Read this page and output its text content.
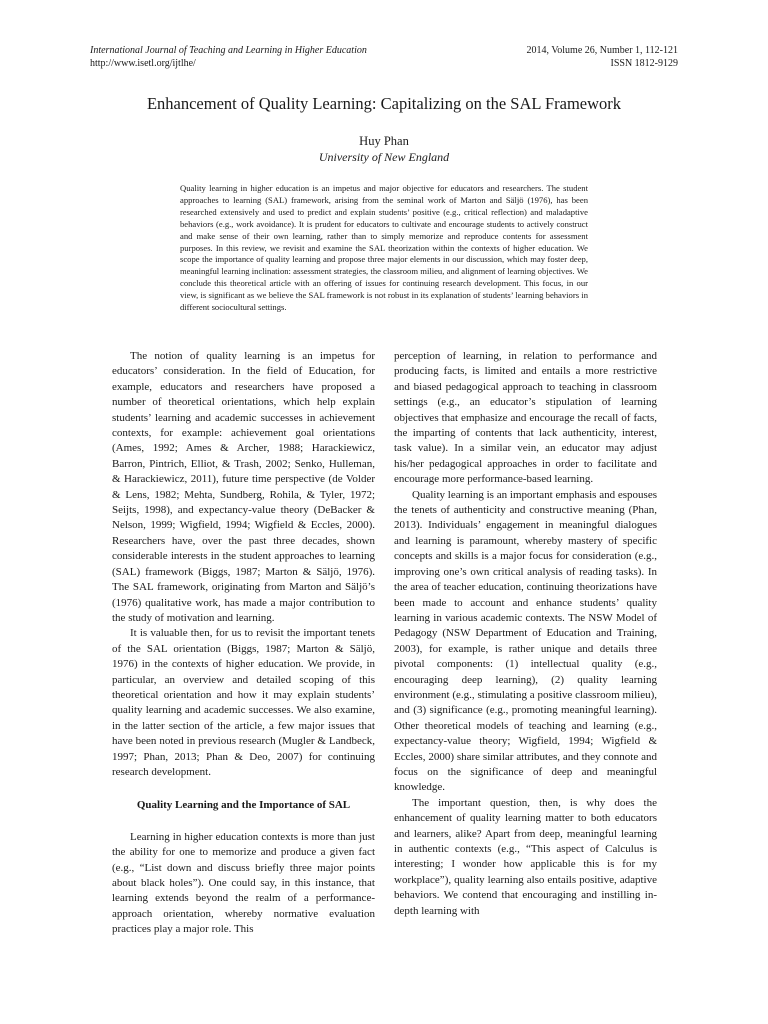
International Journal of Teaching and Learning in Higher Education
http://www.isetl.org/ijtlhe/
2014, Volume 26, Number 1, 112-121
ISSN 1812-9129
Enhancement of Quality Learning: Capitalizing on the SAL Framework
Huy Phan
University of New England
Quality learning in higher education is an impetus and major objective for educators and researchers. The student approaches to learning (SAL) framework, arising from the seminal work of Marton and Säljö (1976), has been researched extensively and used to predict and explain students’ positive (e.g., critical reflection) and maladaptive behaviors (e.g., work avoidance). It is prudent for educators to cultivate and encourage students to actively construct and make sense of their own learning, rather than to simply memorize and reproduce contents for assessment purposes. In this review, we revisit and examine the SAL theorization within the contexts of higher education. We scope the importance of quality learning and propose three major elements in our discussion, which may foster deep, meaningful learning inclination: assessment strategies, the classroom milieu, and alignment of learning objectives. We conclude this theoretical article with an offering of issues for continuing research development. This focus, in our view, is significant as we believe the SAL framework is not robust in its explanation of students’ learning behaviors in different sociocultural settings.

The notion of quality learning is an impetus for educators’ consideration. In the field of Education, for example, educators and researchers have proposed a number of theoretical orientations, which help explain students’ learning and academic successes in achievement contexts, for example: achievement goal orientations (Ames, 1992; Ames & Archer, 1988; Harackiewicz, Barron, Pintrich, Elliot, & Trash, 2002; Senko, Hulleman, & Harackiewicz, 2011), future time perspective (de Volder & Lens, 1982; Mehta, Sundberg, Rohila, & Tyler, 1972; Seijts, 1998), and expectancy-value theory (DeBacker & Nelson, 1999; Wigfield, 1994; Wigfield & Eccles, 2000). Researchers have, over the past three decades, shown considerable interests in the student approaches to learning (SAL) framework (Biggs, 1987; Marton & Säljö, 1976). The SAL framework, originating from Marton and Säljö’s (1976) qualitative work, has made a major contribution to the study of motivation and learning.

It is valuable then, for us to revisit the important tenets of the SAL orientation (Biggs, 1987; Marton & Säljö, 1976) in the contexts of higher education. We provide, in particular, an overview and detailed scoping of this theoretical orientation and how it may explain students’ quality learning and academic successes. We also examine, in the latter section of the article, a few major issues that have been noted in previous research (Mugler & Landbeck, 1997; Phan, 2013; Phan & Deo, 2007) for continuing research development.

Quality Learning and the Importance of SAL

Learning in higher education contexts is more than just the ability for one to memorize and produce a given fact (e.g., “List down and discuss briefly three major points about black holes”). One could say, in this instance, that learning extends beyond the realm of a performance-approach orientation, whereby normative evaluation practices play a major role. This

perception of learning, in relation to performance and producing facts, is limited and entails a more restrictive and biased pedagogical approach to teaching in classroom settings (e.g., an educator’s stipulation of learning objectives that emphasize and encourage the recall of facts, the imparting of contents that lack authenticity, interest, task value). In a similar vein, an educator may adjust his/her pedagogical approaches in order to facilitate and encourage more performance-based learning.

Quality learning is an important emphasis and espouses the tenets of authenticity and constructive meaning (Phan, 2013). Individuals’ engagement in meaningful dialogues and learning is paramount, whereby mastery of specific concepts and skills is a major focus for consideration (e.g., improving one’s own critical analysis of reading tasks). In the area of teacher education, continuing theorizations have been made to account and enhance students’ quality learning in various academic contexts. The NSW Model of Pedagogy (NSW Department of Education and Training, 2003), for example, is rather unique and details three pivotal components: (1) intellectual quality (e.g., encouraging deep learning), (2) quality learning environment (e.g., stimulating a positive classroom milieu), and (3) significance (e.g., promoting meaningful learning). Other theoretical models of teaching and learning (e.g., expectancy-value theory; Wigfield, 1994; Wigfield & Eccles, 2000) share similar attributes, and they connote and focus on the significance of deep and meaningful knowledge.

The important question, then, is why does the enhancement of quality learning matter to both educators and learners, alike? Apart from deep, meaningful learning in authentic contexts (e.g., “This aspect of Calculus is interesting; I wonder how applicable this is for my workplace”), quality learning also entails positive, adaptive behaviors. We contend that encouraging and instilling in-depth learning with
